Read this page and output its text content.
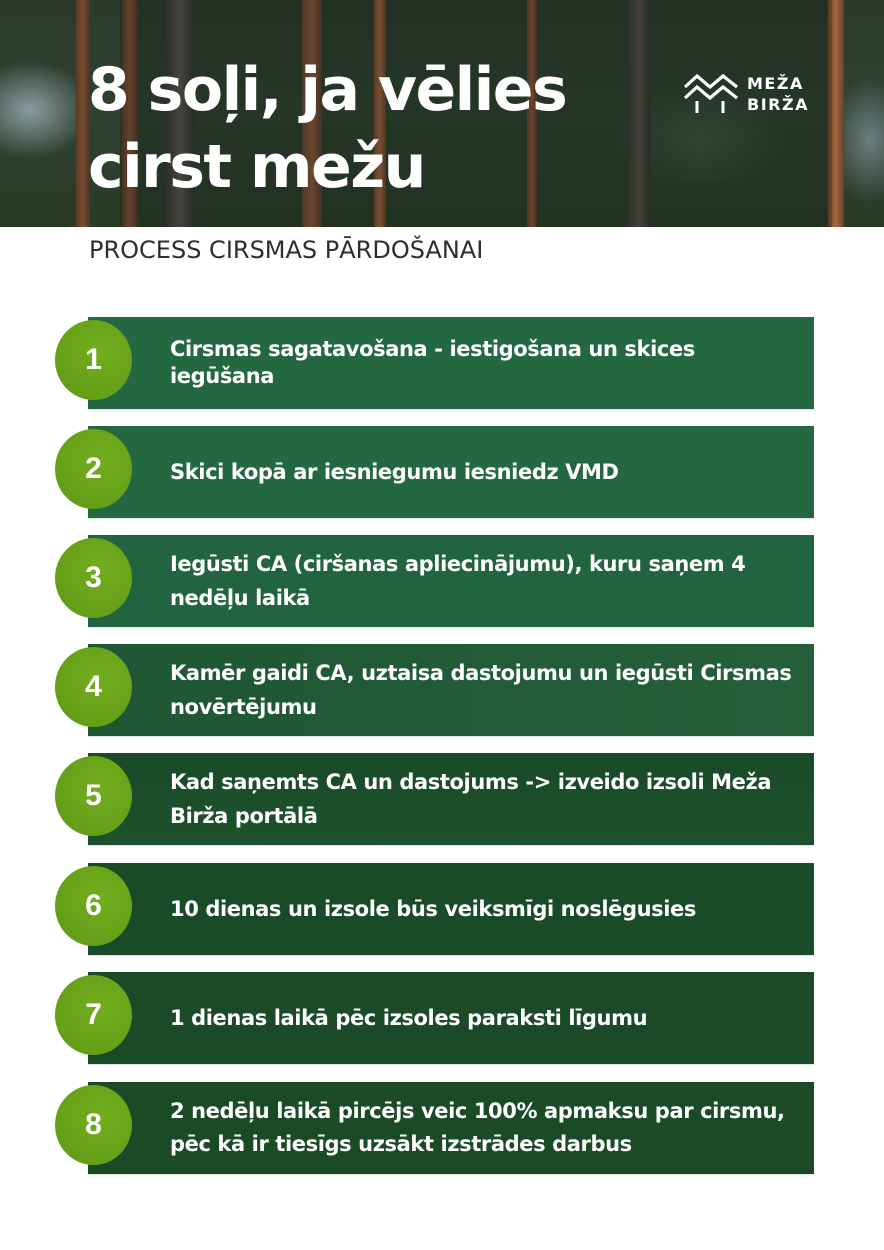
8 soļi, ja vēlies
cirst mežu
MEŽA
BIRŽA
PROCESS CIRSMAS PĀRDOŠANAI
1	Cirsmas sagatavošana - iestigošana un skices iegūšana
2	Skici kopā ar iesniegumu iesniedz VMD
3	Iegūsti CA (ciršanas apliecinājumu), kuru saņem 4 nedēļu laikā
4	Kamēr gaidi CA, uztaisa dastojumu un iegūsti Cirsmas novērtējumu
5	Kad saņemts CA un dastojums -> izveido izsoli Meža Birža portālā
6	10 dienas un izsole būs veiksmīgi noslēgusies
7	1 dienas laikā pēc izsoles paraksti līgumu
8	2 nedēļu laikā pircējs veic 100% apmaksu par cirsmu, pēc kā ir tiesīgs uzsākt izstrādes darbus
